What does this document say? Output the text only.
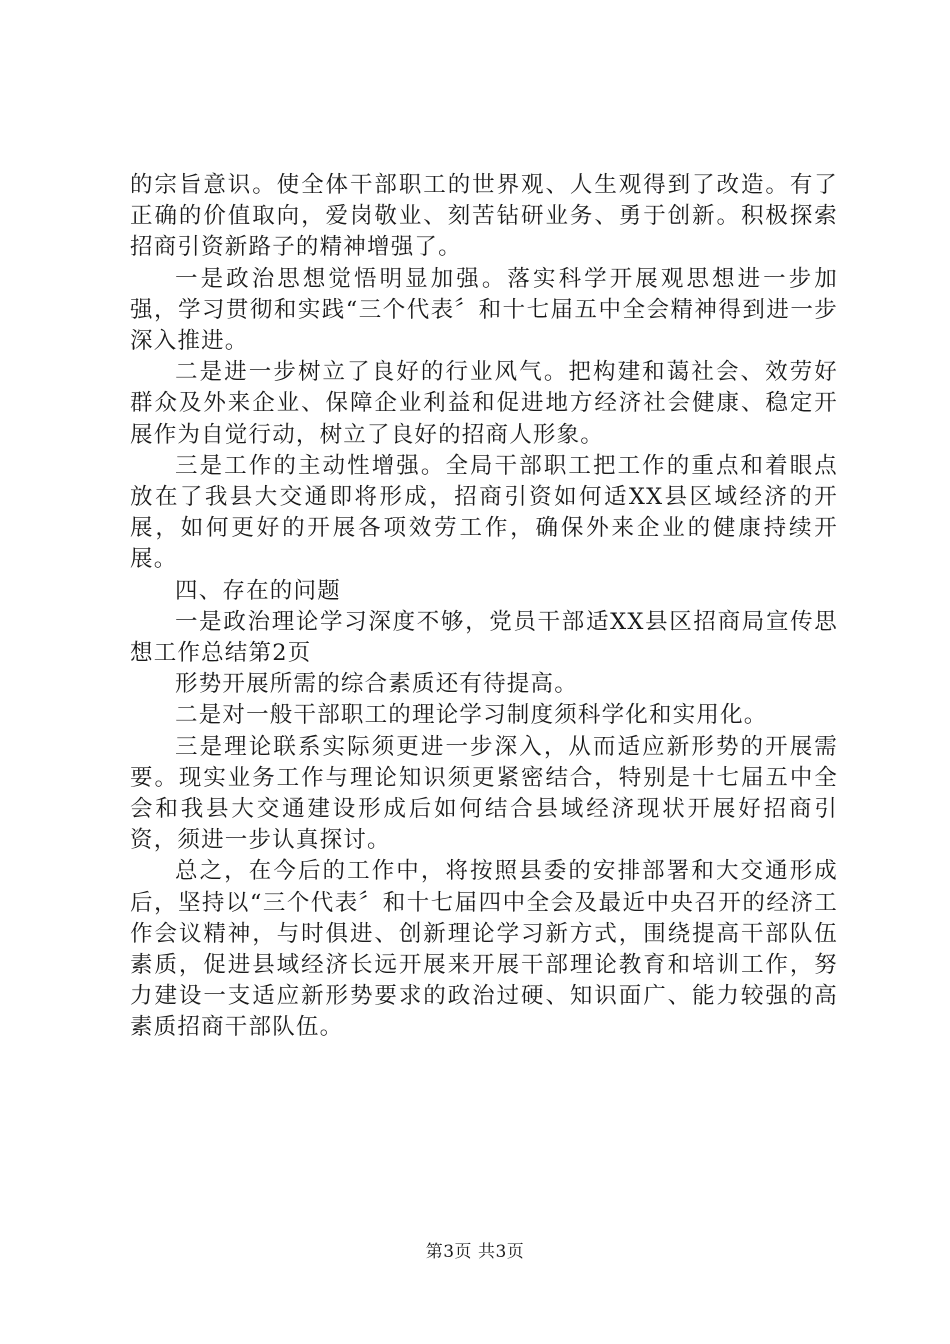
的宗旨意识。使全体干部职工的世界观、人生观得到了改造。有了正确的价值取向，爱岗敬业、刻苦钻研业务、勇于创新。积极探索招商引资新路子的精神增强了。

一是政治思想觉悟明显加强。落实科学开展观思想进一步加强，学习贯彻和实践“三个代表〞和十七届五中全会精神得到进一步深入推进。

二是进一步树立了良好的行业风气。把构建和蔼社会、效劳好群众及外来企业、保障企业利益和促进地方经济社会健康、稳定开展作为自觉行动，树立了良好的招商人形象。

三是工作的主动性增强。全局干部职工把工作的重点和着眼点放在了我县大交通即将形成，招商引资如何适XX县区域经济的开展，如何更好的开展各项效劳工作，确保外来企业的健康持续开展。

四、存在的问题

一是政治理论学习深度不够，党员干部适XX县区招商局宣传思想工作总结第2页

形势开展所需的综合素质还有待提高。

二是对一般干部职工的理论学习制度须科学化和实用化。

三是理论联系实际须更进一步深入，从而适应新形势的开展需要。现实业务工作与理论知识须更紧密结合，特别是十七届五中全会和我县大交通建设形成后如何结合县域经济现状开展好招商引资，须进一步认真探讨。

总之，在今后的工作中，将按照县委的安排部署和大交通形成后，坚持以“三个代表〞和十七届四中全会及最近中央召开的经济工作会议精神，与时俱进、创新理论学习新方式，围绕提高干部队伍素质，促进县域经济长远开展来开展干部理论教育和培训工作，努力建设一支适应新形势要求的政治过硬、知识面广、能力较强的高素质招商干部队伍。

第3页 共3页
